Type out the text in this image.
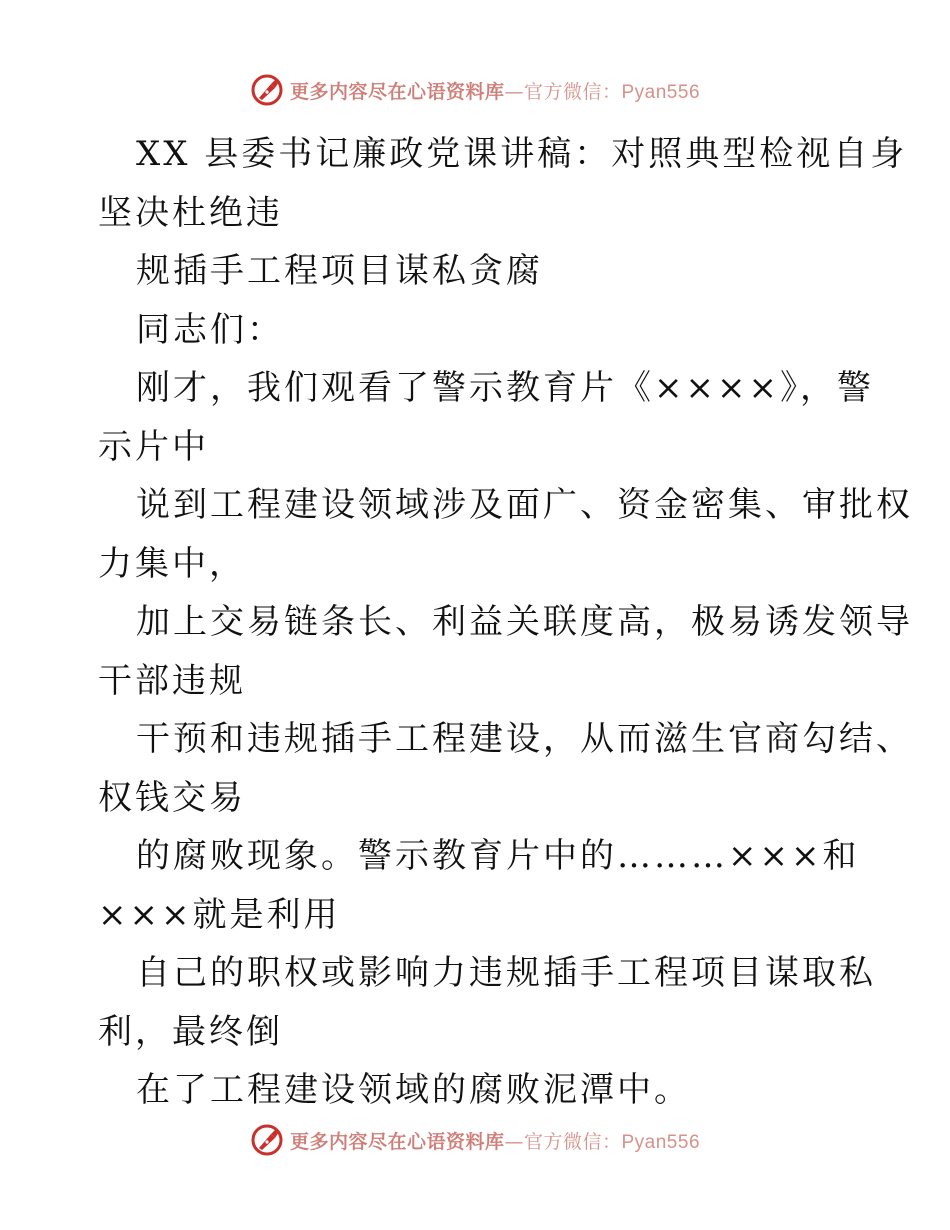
更多内容尽在心语资料库—官方微信：Pyan556
XX 县委书记廉政党课讲稿：对照典型检视自身
坚决杜绝违
规插手工程项目谋私贪腐
同志们：
刚才，我们观看了警示教育片《××××》，警
示片中
说到工程建设领域涉及面广、资金密集、审批权
力集中，
加上交易链条长、利益关联度高，极易诱发领导
干部违规
干预和违规插手工程建设，从而滋生官商勾结、
权钱交易
的腐败现象。警示教育片中的………×××和
×××就是利用
自己的职权或影响力违规插手工程项目谋取私
利，最终倒
在了工程建设领域的腐败泥潭中。
更多内容尽在心语资料库—官方微信：Pyan556
